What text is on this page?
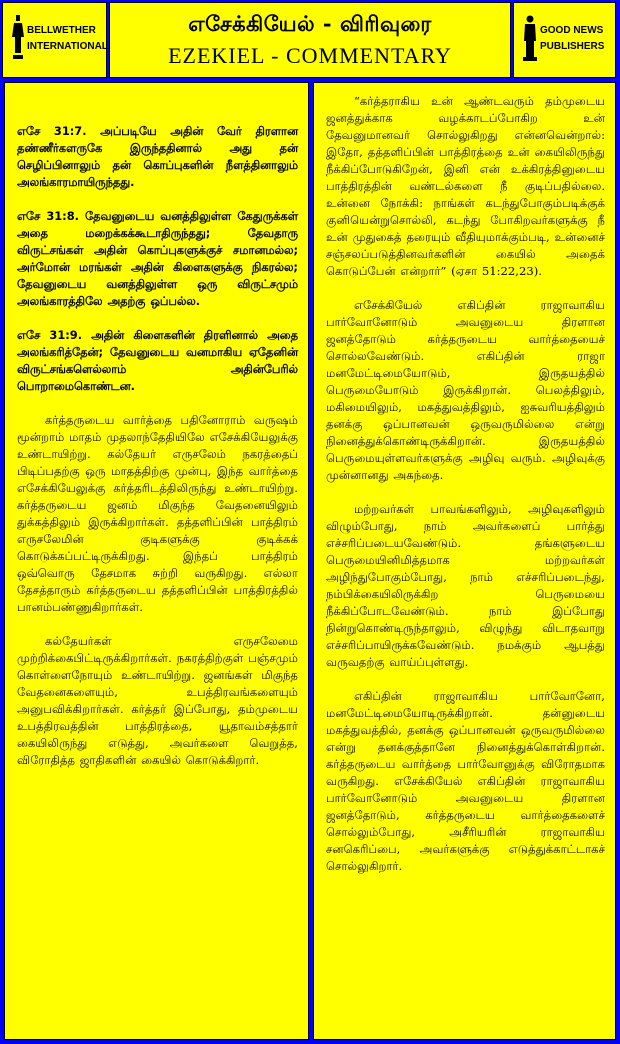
BELLWETHER
INTERNATIONAL
எசேக்கியேல் - விரிவுரை
EZEKIEL - COMMENTARY
GOOD NEWS
PUBLISHERS

எசே 31:7. அப்படியே அதின் வேர் திரளான தண்ணீர்களருகே இருந்ததினால் அது தன் செழிப்பினாலும் தன் கொப்புகளின் நீளத்தினாலும் அலங்காரமாயிருந்தது.

எசே 31:8. தேவனுடைய வனத்திலுள்ள கேதுருக்கள் அதை மறைக்கக்கூடாதிருந்தது; தேவதாரு விருட்சங்கள் அதின் கொப்புகளுக்குச் சமானமல்ல; அர்மோன் மரங்கள் அதின் கிளைகளுக்கு நிகரல்ல; தேவனுடைய வனத்திலுள்ள ஒரு விருட்சமும் அலங்காரத்திலே அதற்கு ஒப்பல்ல.

எசே 31:9. அதின் கிளைகளின் திரளினால் அதை அலங்கரித்தேன்; தேவனுடைய வனமாகிய ஏதேனின் விருட்சங்களெல்லாம் அதின்பேரில் பொறாமைகொண்டன.

கர்த்தருடைய வார்த்தை பதினோராம் வருஷம் மூன்றாம் மாதம் முதலாந்தேதியிலே எசேக்கியேலுக்கு உண்டாயிற்று. கல்தேயர் எருசலேம் நகரத்தைப் பிடிப்பதற்கு ஒரு மாதத்திற்கு முன்பு, இந்த வார்த்தை எசேக்கியேலுக்கு கர்த்தரிடத்திலிருந்து உண்டாயிற்று. கர்த்தருடைய ஜனம் மிகுந்த வேதனையிலும் துக்கத்திலும் இருக்கிறார்கள். தத்தளிப்பின் பாத்திரம் எருசலேமின் குடிகளுக்கு குடிக்கக் கொடுக்கப்பட்டிருக்கிறது. இந்தப் பாத்திரம் ஒவ்வொரு தேசமாக சுற்றி வருகிறது. எல்லா தேசத்தாரும் கர்த்தருடைய தத்தளிப்பின் பாத்திரத்தில் பானம்பண்ணுகிறார்கள்.

கல்தேயர்கள் எருசலேமை முற்றிக்கைபிட்டிருக்கிறார்கள். நகரத்திற்குள் பஞ்சமும் கொள்ளைநோயும் உண்டாயிற்று. ஜனங்கள் மிகுந்த வேதனைகளையும், உபத்திரவங்களையும் அனுபவிக்கிறார்கள். கர்த்தர் இப்போது, தம்முடைய உபத்திரவத்தின் பாத்திரத்தை, யூதாவம்சத்தார் கையிலிருந்து எடுத்து, அவர்களை வெறுத்த, விரோதித்த ஜாதிகளின் கையில் கொடுக்கிறார்.

“கர்த்தராகிய உன் ஆண்டவரும் தம்முடைய ஜனத்துக்காக வழக்காடப்போகிற உன் தேவனுமானவர் சொல்லுகிறது என்னவென்றால்: இதோ, தத்தளிப்பின் பாத்திரத்தை உன் கையிலிருந்து நீக்கிப்போடுகிறேன், இனி என் உக்கிரத்தினுடைய பாத்திரத்தின் வண்டல்களை நீ குடிப்பதில்லை. உன்னை நோக்கி: நாங்கள் கடந்துபோகும்படிக்குக் குனியென்றுசொல்லி, கடந்து போகிறவர்களுக்கு நீ உன் முதுகைத் தரையும் வீதியுமாக்கும்படி, உன்னைச் சஞ்சலப்படுத்தினவர்களின் கையில் அதைக் கொடுப்பேன் என்றார்” (ஏசா 51:22,23).

எசேக்கியேல் எகிப்தின் ராஜாவாகிய பார்வோனோடும் அவனுடைய திரளான ஜனத்தோடும் கர்த்தருடைய வார்த்தையைச் சொல்லவேண்டும். எகிப்தின் ராஜா மனமேட்டிமையோடும், இருதயத்தில் பெருமையோடும் இருக்கிறான். பெலத்திலும், மகிமையிலும், மகத்துவத்திலும், ஐசுவரியத்திலும் தனக்கு ஒப்பானவன் ஒருவருமில்லை என்று நினைத்துக்கொண்டிருக்கிறான். இருதயத்தில் பெருமையுள்ளவர்களுக்கு அழிவு வரும். அழிவுக்கு முன்னானது அகந்தை.

மற்றவர்கள் பாவங்களிலும், அழிவுகளிலும் விழும்போது, நாம் அவர்களைப் பார்த்து எச்சரிப்படையவேண்டும். தங்களுடைய பெருமையினிமித்தமாக மற்றவர்கள் அழிந்துபோகும்போது, நாம் எச்சரிப்படைந்து, நம்பிக்கையிலிருக்கிற பெருமையை நீக்கிப்போடவேண்டும். நாம் இப்போது நின்றுகொண்டிருந்தாலும், விழுந்து விடாதவாறு எச்சரிப்பாயிருக்கவேண்டும். நமக்கும் ஆபத்து வருவதற்கு வாய்ப்புள்ளது.

எகிப்தின் ராஜாவாகிய பார்வோனோ, மனமேட்டிமையோடிருக்கிறான். தன்னுடைய மகத்துவத்தில், தனக்கு ஒப்பானவன் ஒருவருமில்லை என்று தனக்குத்தானே நினைத்துக்கொள்கிறான். கர்த்தருடைய வார்த்தை பார்வோனுக்கு விரோதமாக வருகிறது. எசேக்கியேல் எகிப்தின் ராஜாவாகிய பார்வோனோடும் அவனுடைய திரளான ஜனத்தோடும், கர்த்தருடைய வார்த்தைகளைச் சொல்லும்போது, அசீரியரின் ராஜாவாகிய சனகெரிப்பை, அவர்களுக்கு எடுத்துக்காட்டாகச் சொல்லுகிறார்.
